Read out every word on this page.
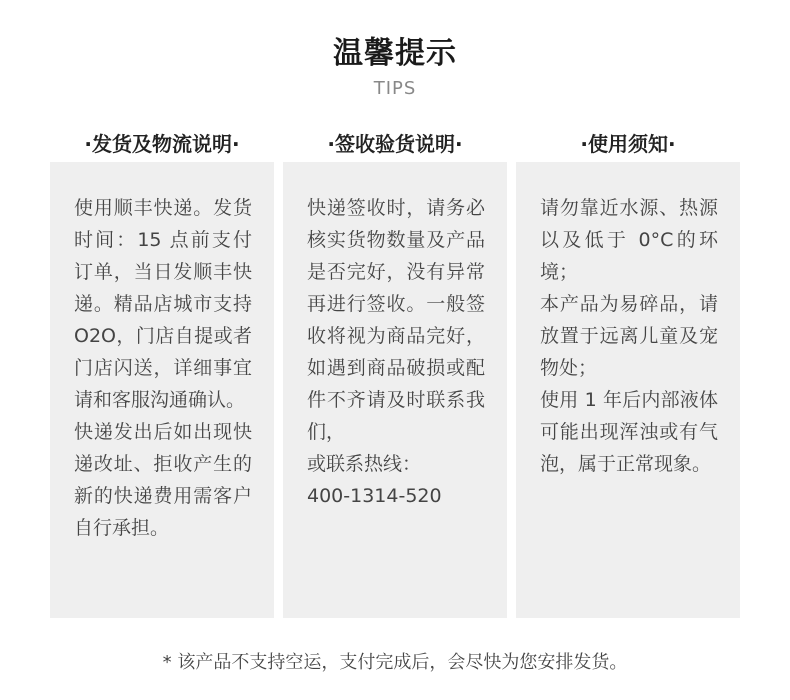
温馨提示
TIPS
·发货及物流说明·

使用顺丰快递。发货时间：15 点前支付订单，当日发顺丰快递。精品店城市支持 O2O，门店自提或者门店闪送，详细事宜请和客服沟通确认。

快递发出后如出现快递改址、拒收产生的新的快递费用需客户自行承担。

·签收验货说明·

快递签收时，请务必核实货物数量及产品是否完好，没有异常再进行签收。一般签收将视为商品完好，如遇到商品破损或配件不齐请及时联系我们，

或联系热线：

400-1314-520

·使用须知·

请勿靠近水源、热源以及低于 0°C的环境；

本产品为易碎品，请放置于远离儿童及宠物处；

使用 1 年后内部液体可能出现浑浊或有气泡，属于正常现象。

* 该产品不支持空运，支付完成后，会尽快为您安排发货。
